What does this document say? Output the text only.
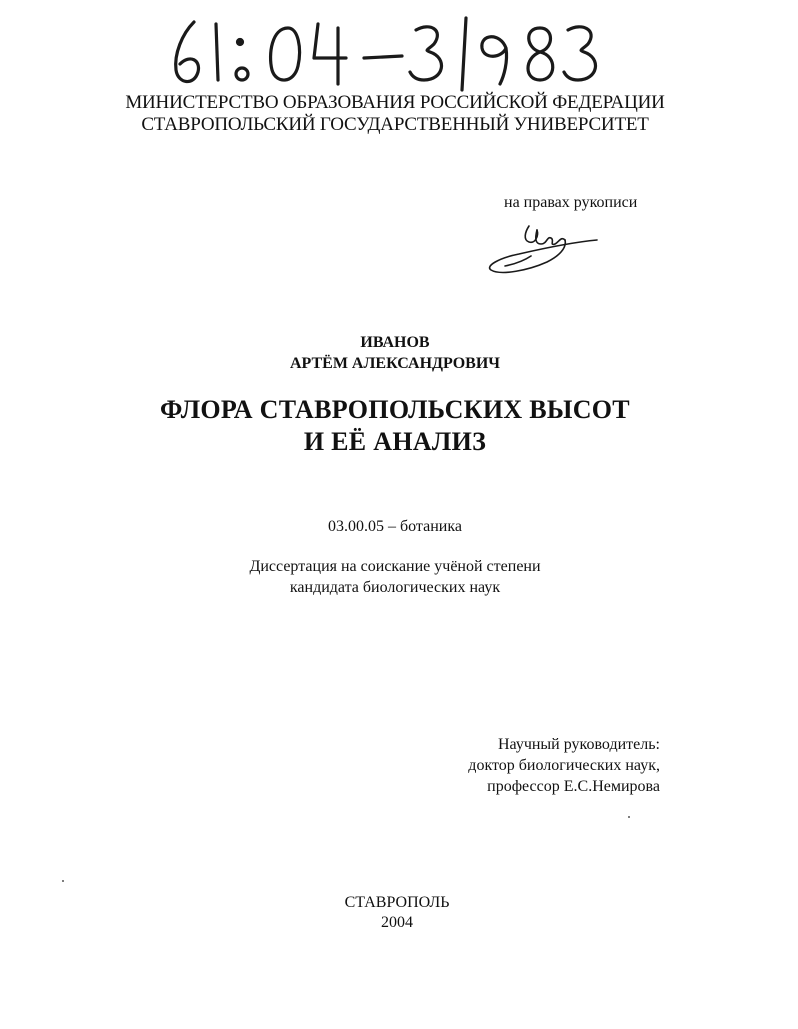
МИНИСТЕРСТВО ОБРАЗОВАНИЯ РОССИЙСКОЙ ФЕДЕРАЦИИ
СТАВРОПОЛЬСКИЙ ГОСУДАРСТВЕННЫЙ УНИВЕРСИТЕТ
на правах рукописи
ИВАНОВ
АРТЁМ АЛЕКСАНДРОВИЧ
ФЛОРА СТАВРОПОЛЬСКИХ ВЫСОТ
И ЕЁ АНАЛИЗ
03.00.05 – ботаника
Диссертация на соискание учёной степени
кандидата биологических наук
Научный руководитель:
доктор биологических наук,
профессор Е.С.Немирова
СТАВРОПОЛЬ
2004
